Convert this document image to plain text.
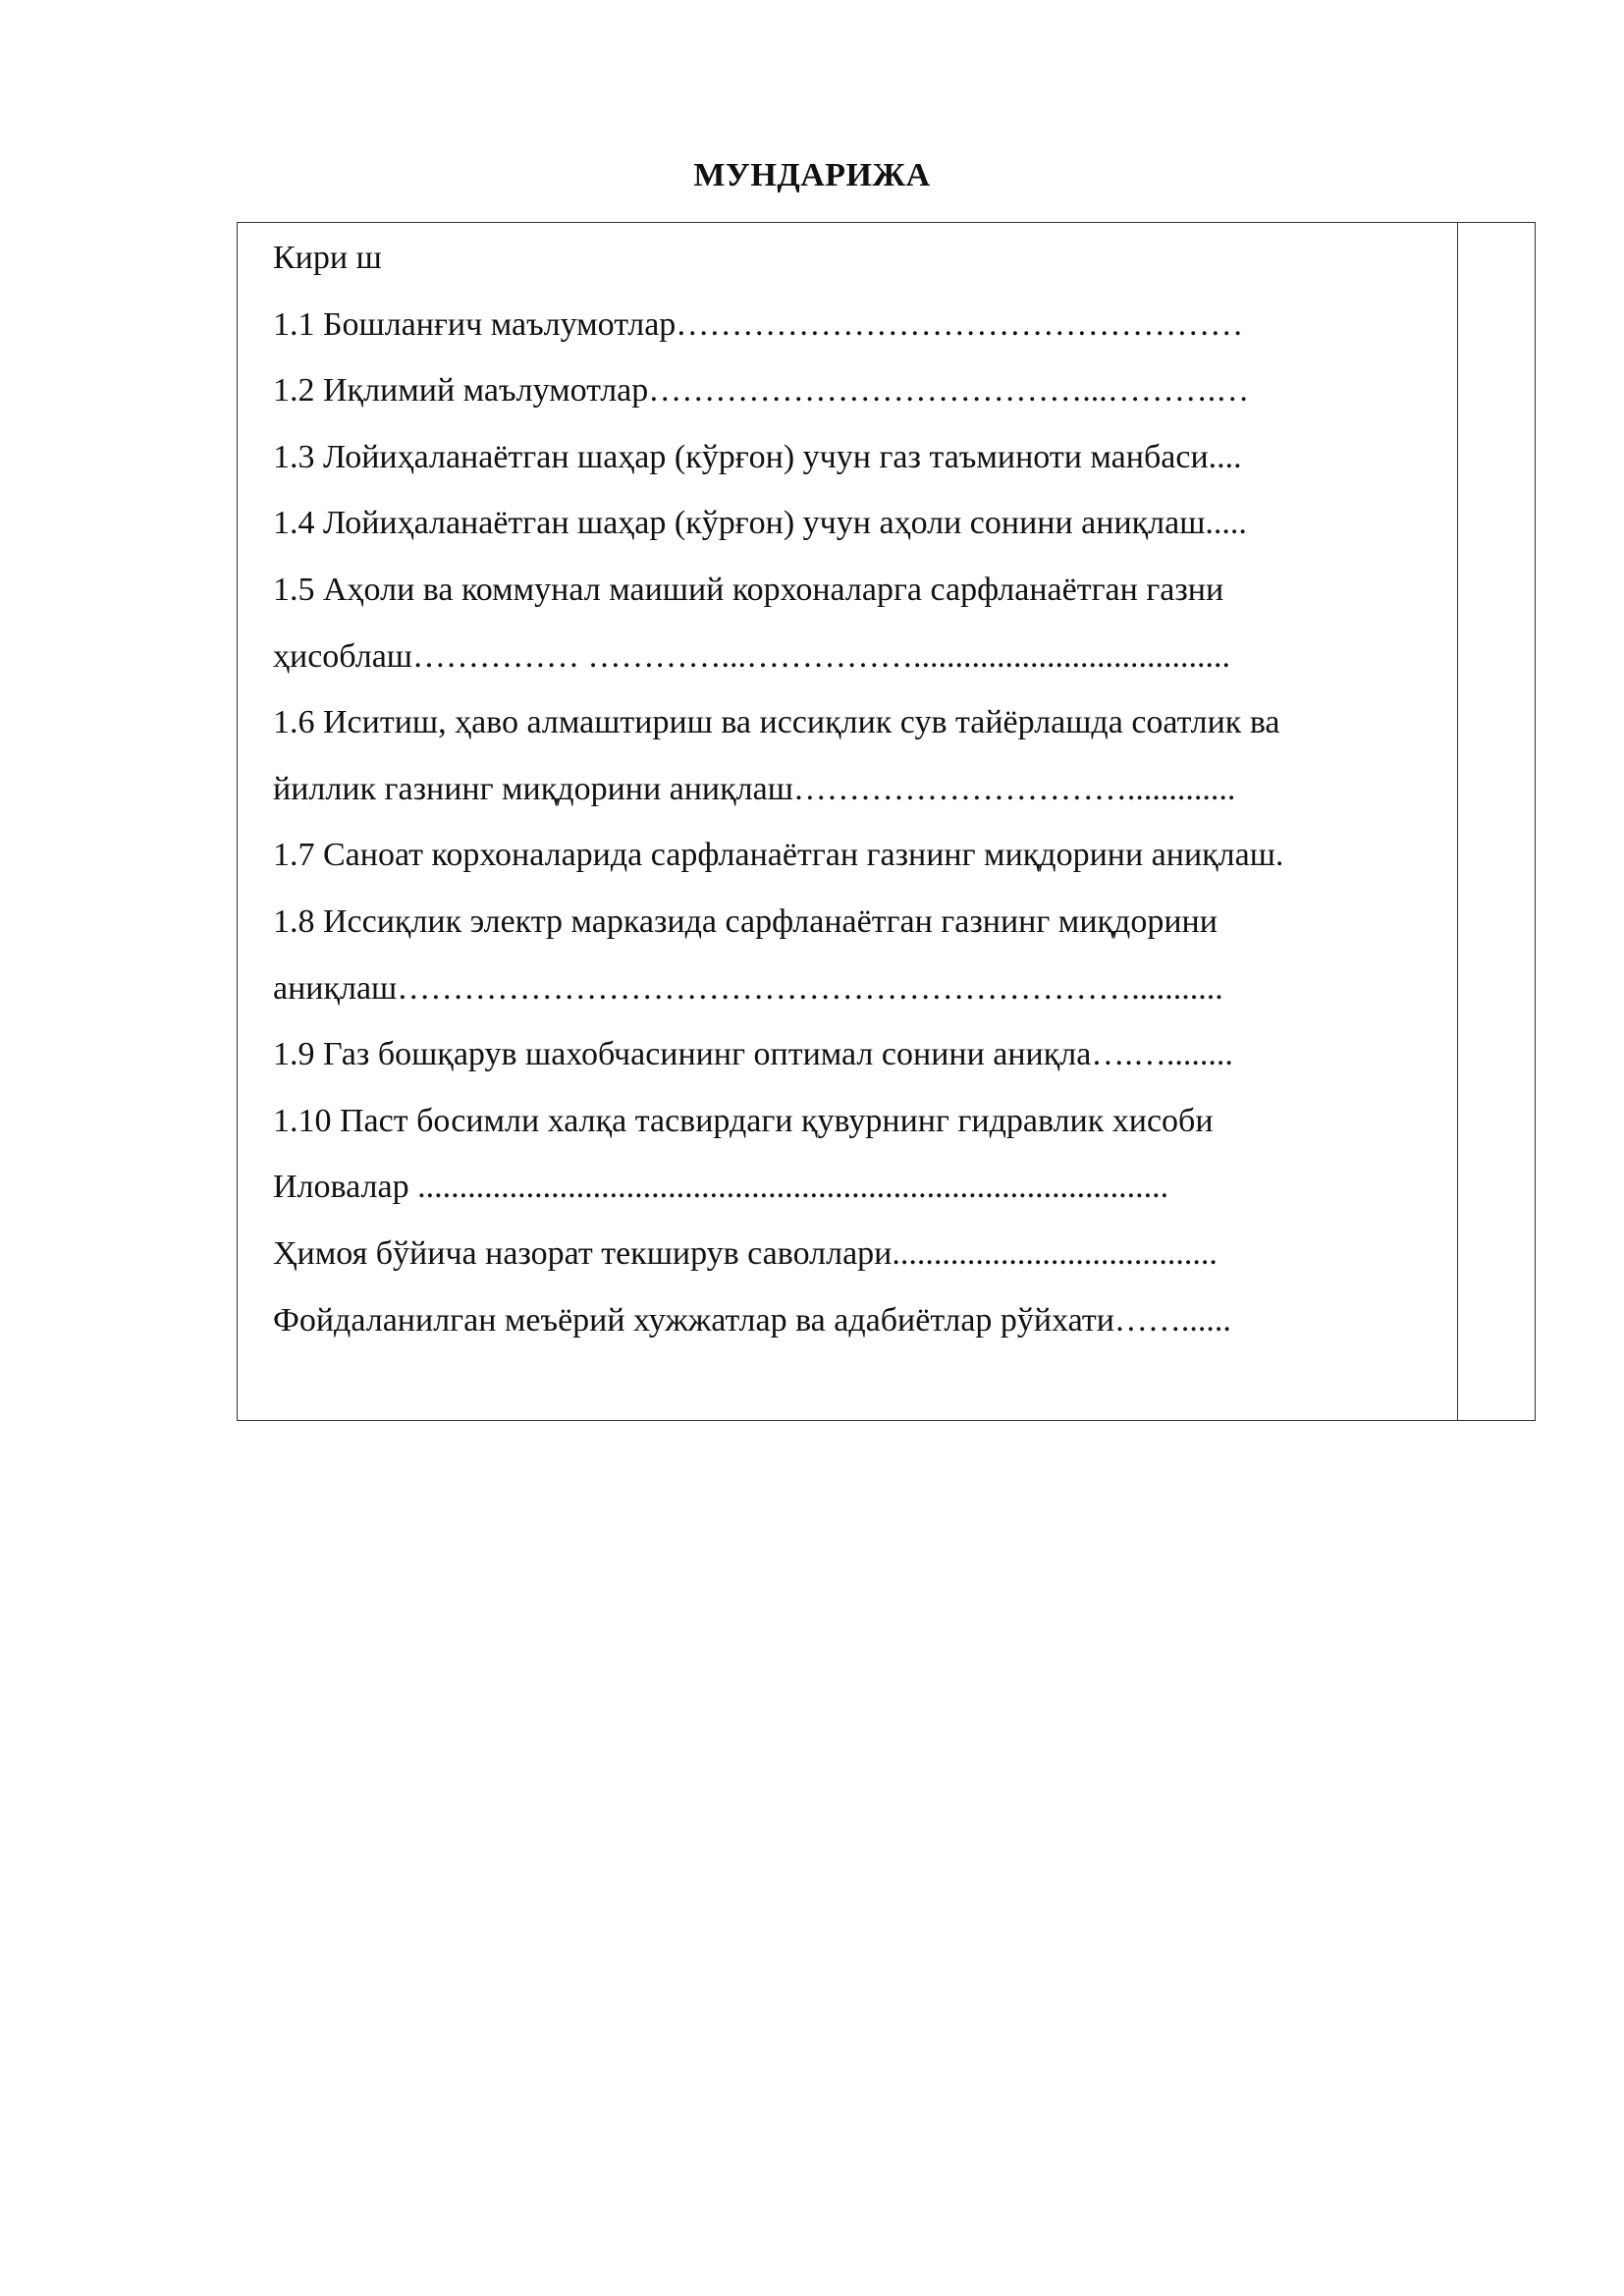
МУНДАРИЖА
Кири ш
1.1 Бошланғич маълумотлар……………………………………………
1.2 Иқлимий маълумотлар…………………………………...……….…
1.3 Лойиҳаланаётган шаҳар (кўрғон) учун газ таъминоти манбаси....
1.4 Лойиҳаланаётган шаҳар (кўрғон) учун аҳоли сонини аниқлаш.....
1.5 Аҳоли ва коммунал маиший корхоналарга сарфланаётган газни
ҳисоблаш…………… …………...……………......................................
1.6 Иситиш, ҳаво алмаштириш ва иссиқлик сув тайёрлашда соатлик ва
йиллик газнинг миқдорини аниқлаш………………………….............
1.7 Саноат корхоналарида сарфланаётган газнинг миқдорини аниқлаш.
1.8 Иссиқлик электр марказида сарфланаётган газнинг миқдорини
аниқлаш…………………………………………………………...........
1.9 Газ бошқарув шахобчасининг оптимал сонини аниқла….…........
1.10 Паст босимли халқа тасвирдаги қувурнинг гидравлик хисоби
Иловалар ..........................................................................................
Ҳимоя бўйича назорат текширув саволлари.......................................
Фойдаланилган меъёрий хужжатлар ва адабиётлар рўйхати……......
